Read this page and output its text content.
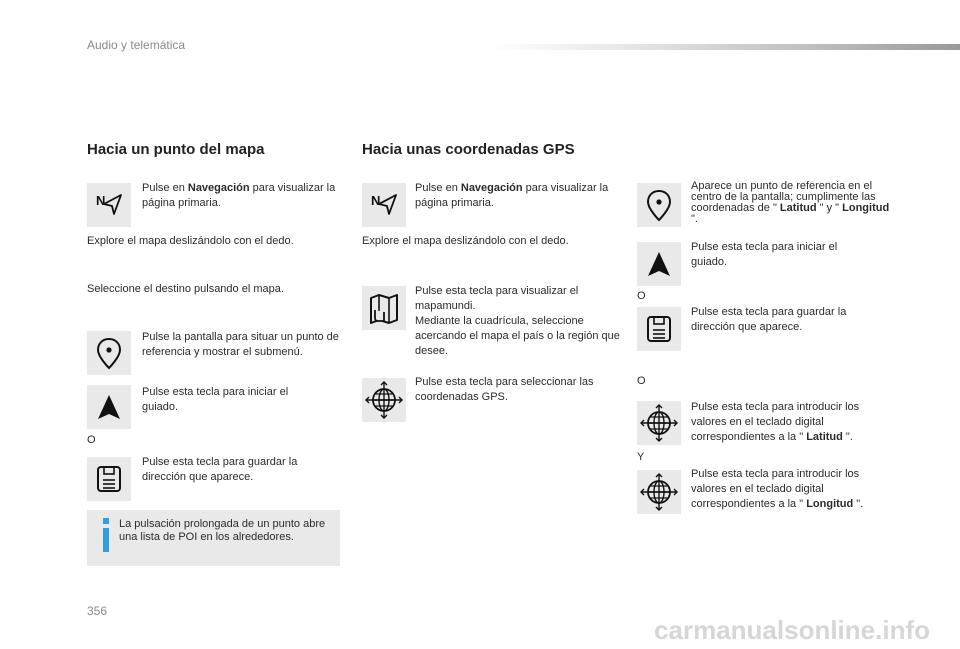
Audio y telemática
Hacia un punto del mapa
N
Pulse en Navegación para visualizar la página primaria.
Explore el mapa deslizándolo con el dedo.
Seleccione el destino pulsando el mapa.
Pulse la pantalla para situar un punto de referencia y mostrar el submenú.
Pulse esta tecla para iniciar el guiado.
O
Pulse esta tecla para guardar la dirección que aparece.
La pulsación prolongada de un punto abre una lista de POI en los alrededores.
Hacia unas coordenadas GPS
N
Pulse en Navegación para visualizar la página primaria.
Explore el mapa deslizándolo con el dedo.
Pulse esta tecla para visualizar el mapamundi.
Mediante la cuadrícula, seleccione acercando el mapa el país o la región que desee.
Pulse esta tecla para seleccionar las coordenadas GPS.
Aparece un punto de referencia en el centro de la pantalla; cumplimente las coordenadas de " Latitud " y " Longitud ".
Pulse esta tecla para iniciar el guiado.
O
Pulse esta tecla para guardar la dirección que aparece.
O
Pulse esta tecla para introducir los valores en el teclado digital correspondientes a la " Latitud ".
Y
Pulse esta tecla para introducir los valores en el teclado digital correspondientes a la " Longitud ".
356
carmanualsonline.info
